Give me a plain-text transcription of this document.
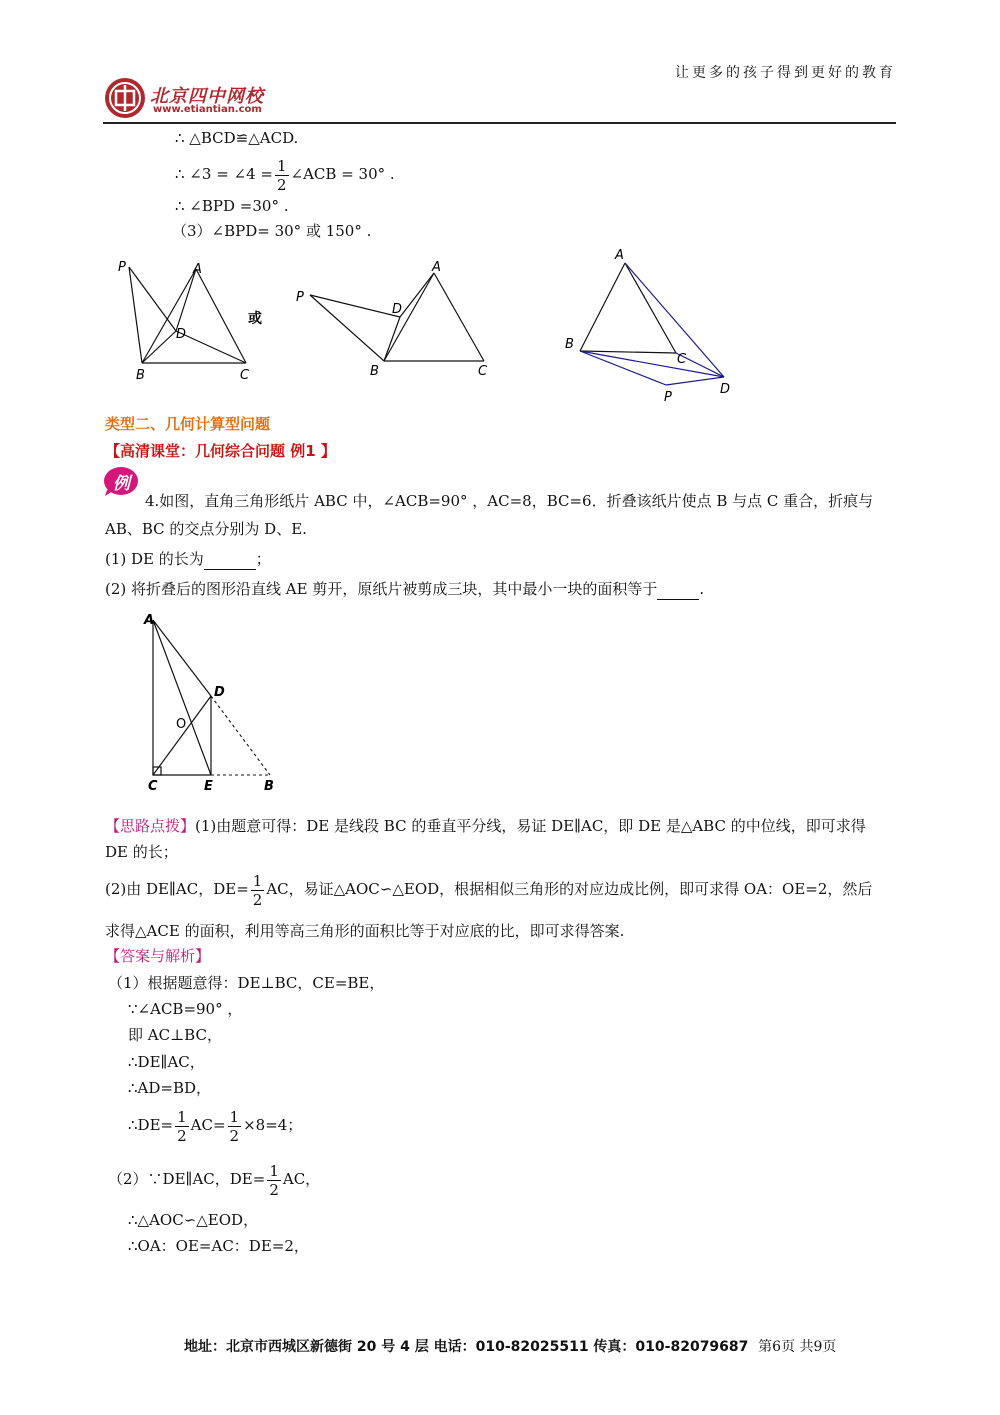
北京四中网校
www.etiantian.com
让更多的孩子得到更好的教育
∴ △BCD≌△ACD.
∴ ∠3 = ∠4 = $\frac{1}{2}$ ∠ACB = 30° .
∴ ∠BPD =30° .
（3）∠BPD= 30° 或 150° .
P	A
D
B	C
或
P
A
D
B	C
A
B
C
D
P
类型二、几何计算型问题
【高清课堂：几何综合问题 例1 】
例
4.如图，直角三角形纸片 ABC 中，∠ACB=90° ，AC=8，BC=6．折叠该纸片使点 B 与点 C 重合，折痕与
AB、BC 的交点分别为 D、E.
(1) DE 的长为	；
(2) 将折叠后的图形沿直线 AE 剪开，原纸片被剪成三块，其中最小一块的面积等于	.
A
D
O
C	E	B
【思路点拨】(1)由题意可得：DE 是线段 BC 的垂直平分线，易证 DE∥AC，即 DE 是△ABC 的中位线，即可求得
DE 的长；
(2)由 DE∥AC，$DE= \frac{1}{2}$ AC，易证△AOC∽△EOD，根据相似三角形的对应边成比例，即可求得 OA：OE=2，然后
求得△ACE 的面积，利用等高三角形的面积比等于对应底的比，即可求得答案.
【答案与解析】
（1）根据题意得：DE⊥BC，CE=BE，
∵∠ACB=90° ，
即 AC⊥BC，
∴DE∥AC，
∴AD=BD，
∴DE= $\frac{1}{2} AC= \frac{1}{2} \times 8=4$；
（2）∵DE∥AC，$DE= \frac{1}{2}$ AC，
∴△AOC∽△EOD，
∴OA：OE=AC：DE=2，
地址：北京市西城区新德街 20 号 4 层 电话：010-82025511 传真：010-82079687 第6页 共9页
